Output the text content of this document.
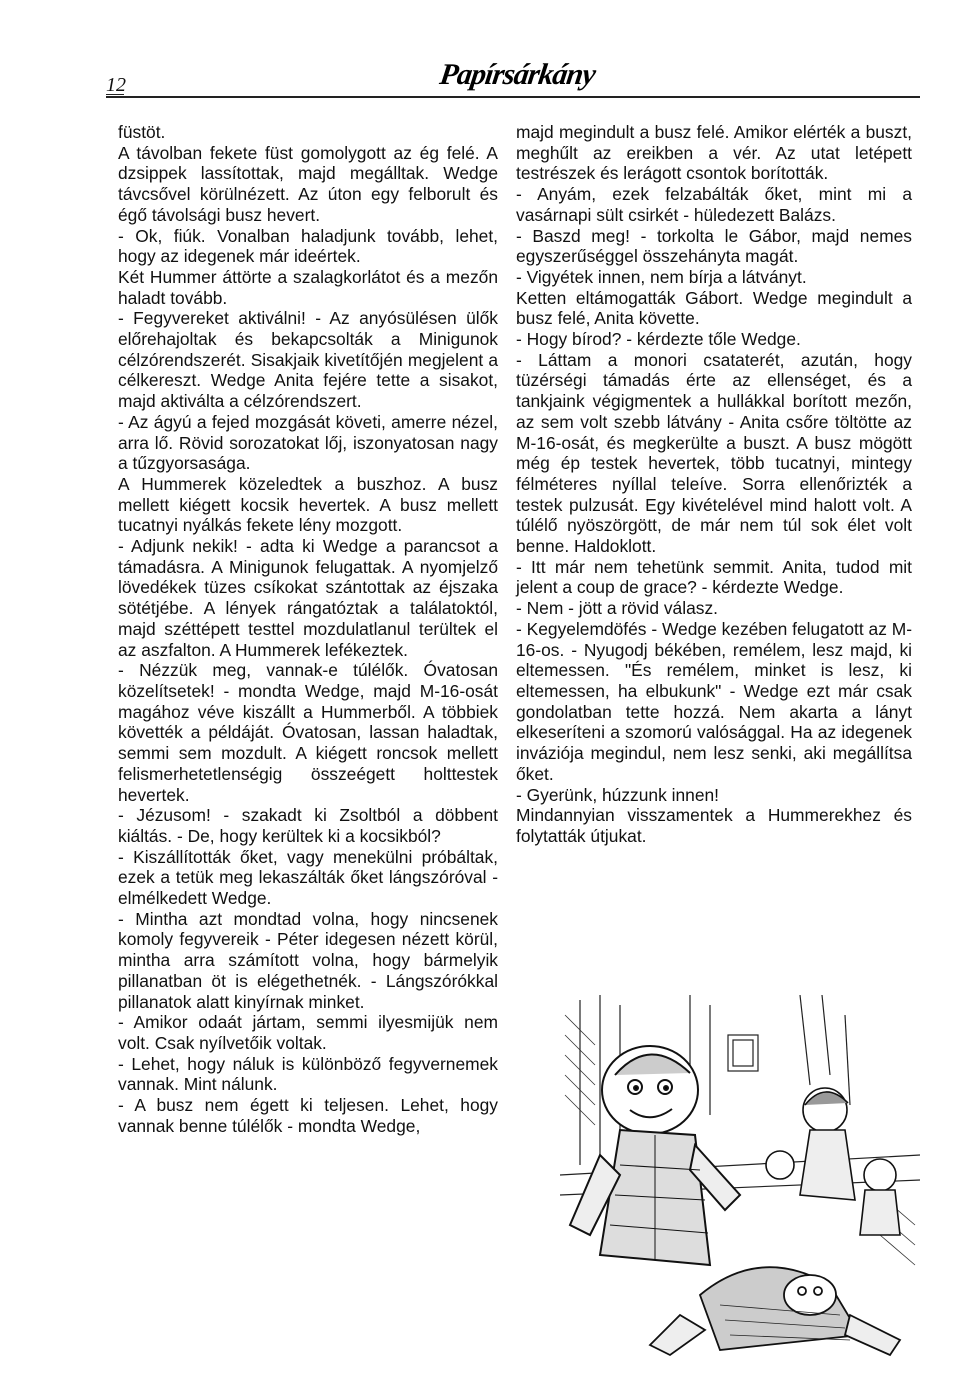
12	Papírsárkány

füstöt.

A távolban fekete füst gomolygott az ég felé. A dzsippek lassítottak, majd megálltak. Wedge távcsővel körülnézett. Az úton egy felborult és égő távolsági busz hevert.

- Ok, fiúk. Vonalban haladjunk tovább, lehet, hogy az idegenek már ideértek.

Két Hummer áttörte a szalagkorlátot és a mezőn haladt tovább.

- Fegyvereket aktiválni! - Az anyósülésen ülők előrehajoltak és bekapcsolták a Minigunok célzórendszerét. Sisakjaik kivetítőjén megjelent a célkereszt. Wedge Anita fejére tette a sisakot, majd aktiválta a célzórendszert.

- Az ágyú a fejed mozgását követi, amerre nézel, arra lő. Rövid sorozatokat lőj, iszonyatosan nagy a tűzgyorsasága.

A Hummerek közeledtek a buszhoz. A busz mellett kiégett kocsik hevertek. A busz mellett tucatnyi nyálkás fekete lény mozgott.

- Adjunk nekik! - adta ki Wedge a parancsot a támadásra. A Minigunok felugattak. A nyomjelző lövedékek tüzes csíkokat szántottak az éjszaka sötétjébe. A lények rángatóztak a találatoktól, majd széttépett testtel mozdulatlanul terültek el az aszfalton. A Hummerek lefékeztek.

- Nézzük meg, vannak-e túlélők. Óvatosan közelítsetek! - mondta Wedge, majd M-16-osát magához véve kiszállt a Hummerből. A többiek követték a példáját. Óvatosan, lassan haladtak, semmi sem mozdult. A kiégett roncsok mellett felismerhetetlenségig összeégett holttestek hevertek.

- Jézusom! - szakadt ki Zsoltból a döbbent kiáltás. - De, hogy kerültek ki a kocsikból?

- Kiszállították őket, vagy menekülni próbáltak, ezek a tetük meg lekaszálták őket lángszóróval - elmélkedett Wedge.

- Mintha azt mondtad volna, hogy nincsenek komoly fegyvereik - Péter idegesen nézett körül, mintha arra számított volna, hogy bármelyik pillanatban öt is elégethetnék. - Lángszórókkal pillanatok alatt kinyírnak minket.

- Amikor odaát jártam, semmi ilyesmijük nem volt. Csak nyílvetőik voltak.

- Lehet, hogy náluk is különböző fegyvernemek vannak. Mint nálunk.

- A busz nem égett ki teljesen. Lehet, hogy vannak benne túlélők - mondta Wedge,

majd megindult a busz felé. Amikor elérték a buszt, meghűlt az ereikben a vér. Az utat letépett testrészek és lerágott csontok borították.

- Anyám, ezek felzabálták őket, mint mi a vasárnapi sült csirkét - hüledezett Balázs.

- Baszd meg! - torkolta le Gábor, majd nemes egyszerűséggel összehányta magát.

- Vigyétek innen, nem bírja a látványt.

Ketten eltámogatták Gábort. Wedge megindult a busz felé, Anita követte.

- Hogy bírod? - kérdezte tőle Wedge.

- Láttam a monori csataterét, azután, hogy tüzérségi támadás érte az ellenséget, és a tankjaink végigmentek a hullákkal borított mezőn, az sem volt szebb látvány - Anita csőre töltötte az M-16-osát, és megkerülte a buszt. A busz mögött még ép testek hevertek, több tucatnyi, mintegy félméteres nyíllal teleíve. Sorra ellenőrizték a testek pulzusát. Egy kivételével mind halott volt. A túlélő nyöszörgött, de már nem túl sok élet volt benne. Haldoklott.

- Itt már nem tehetünk semmit. Anita, tudod mit jelent a coup de grace? - kérdezte Wedge.

- Nem - jött a rövid válasz.

- Kegyelemdöfés - Wedge kezében felugatott az M-16-os. - Nyugodj békében, remélem, lesz majd, ki eltemessen. "És remélem, minket is lesz, ki eltemessen, ha elbukunk" - Wedge ezt már csak gondolatban tette hozzá. Nem akarta a lányt elkeseríteni a szomorú valósággal. Ha az idegenek inváziója megindul, nem lesz senki, aki megállítsa őket.

- Gyerünk, húzzunk innen!

Mindannyian visszamentek a Hummerekhez és folytatták útjukat.
